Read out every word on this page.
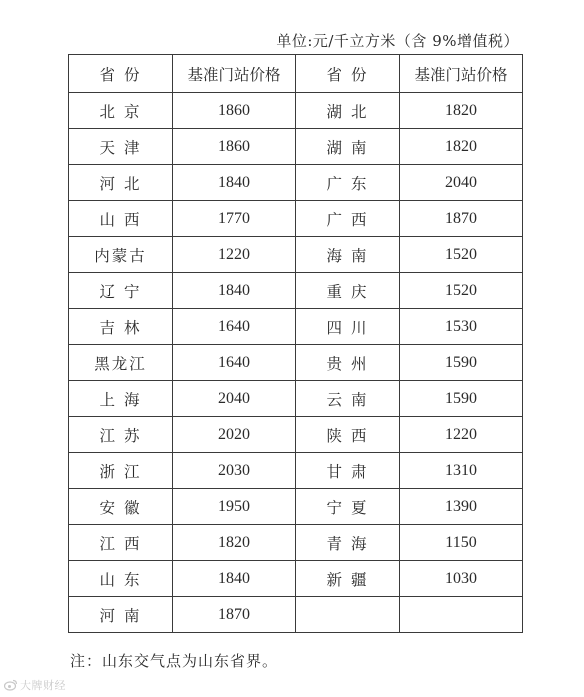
单位:元/千立方米（含 9%增值税）
省 份	基准门站价格	省 份	基准门站价格
北 京	1860	湖 北	1820
天 津	1860	湖 南	1820
河 北	1840	广 东	2040
山 西	1770	广 西	1870
内蒙古	1220	海 南	1520
辽 宁	1840	重 庆	1520
吉 林	1640	四 川	1530
黑龙江	1640	贵 州	1590
上 海	2040	云 南	1590
江 苏	2020	陕 西	1220
浙 江	2030	甘 肃	1310
安 徽	1950	宁 夏	1390
江 西	1820	青 海	1150
山 东	1840	新 疆	1030
河 南	1870		
注：山东交气点为山东省界。
大牌财经
